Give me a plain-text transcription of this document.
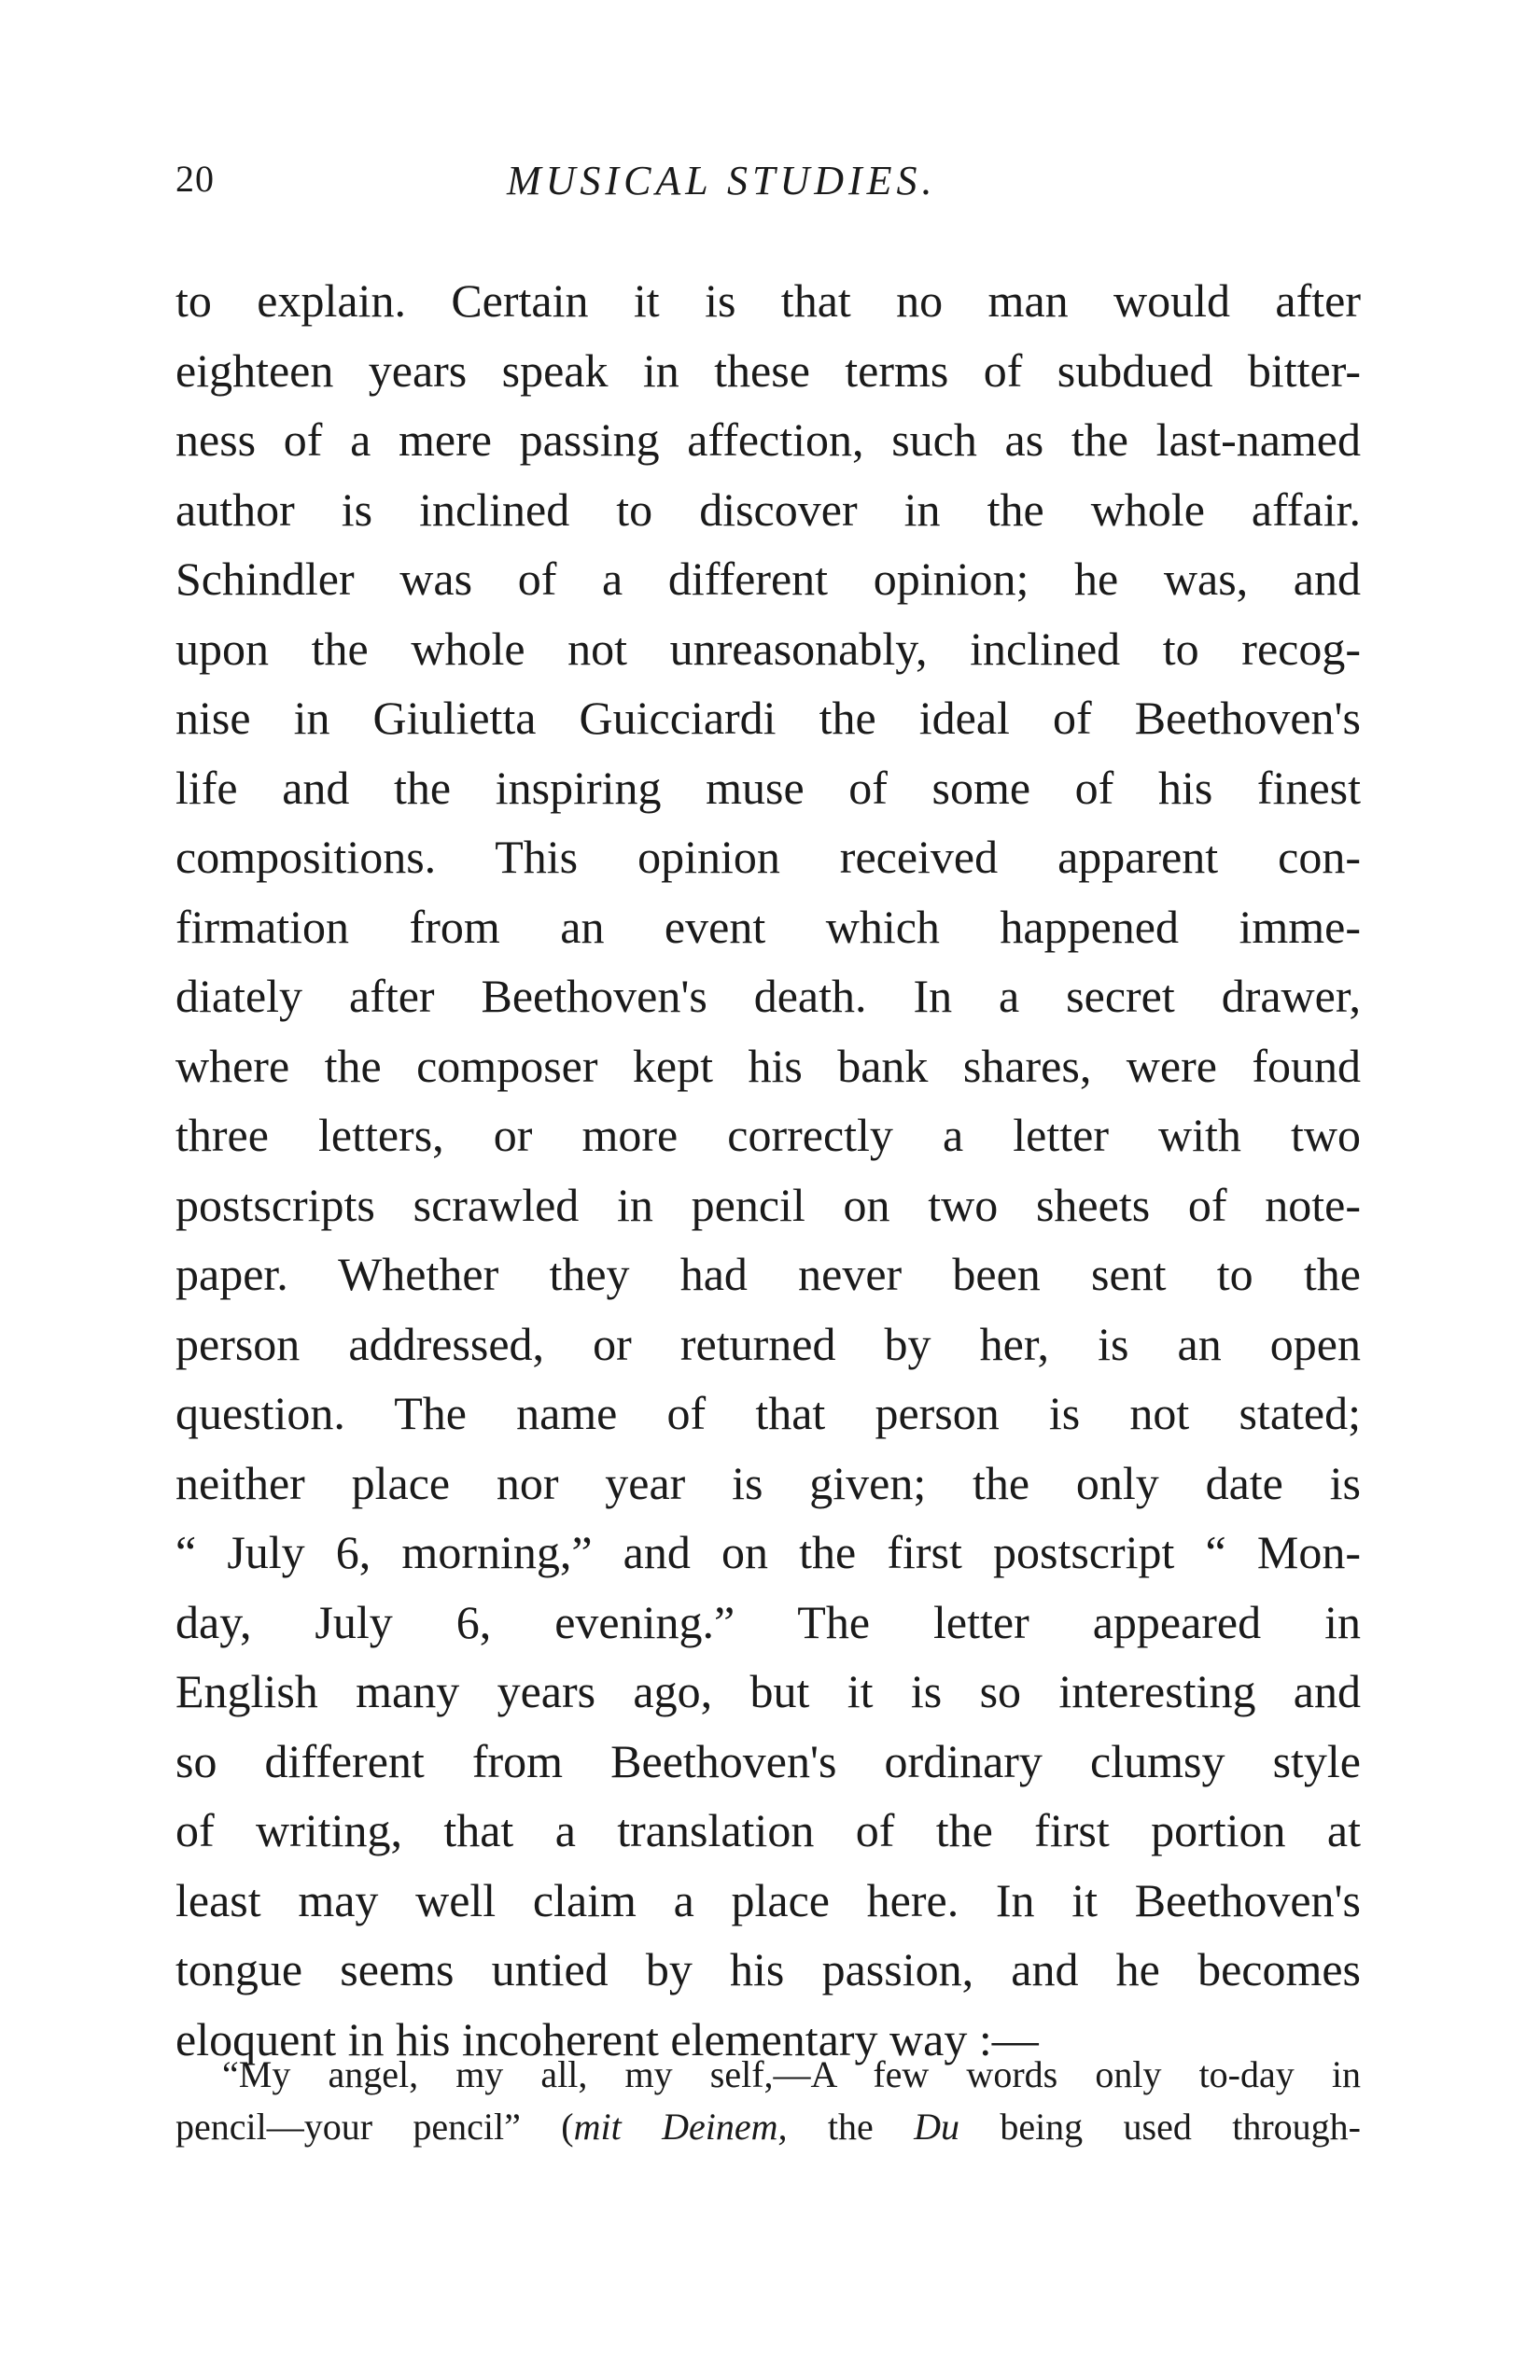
20	MUSICAL STUDIES.
to explain. Certain it is that no man would after
eighteen years speak in these terms of subdued bitter-
ness of a mere passing affection, such as the last-named
author is inclined to discover in the whole affair.
Schindler was of a different opinion; he was, and
upon the whole not unreasonably, inclined to recog-
nise in Giulietta Guicciardi the ideal of Beethoven's
life and the inspiring muse of some of his finest
compositions. This opinion received apparent con-
firmation from an event which happened imme-
diately after Beethoven's death. In a secret drawer,
where the composer kept his bank shares, were found
three letters, or more correctly a letter with two
postscripts scrawled in pencil on two sheets of note-
paper. Whether they had never been sent to the
person addressed, or returned by her, is an open
question. The name of that person is not stated;
neither place nor year is given; the only date is
“ July 6, morning,” and on the first postscript “ Mon-
day, July 6, evening.” The letter appeared in
English many years ago, but it is so interesting and
so different from Beethoven's ordinary clumsy style
of writing, that a translation of the first portion at
least may well claim a place here. In it Beethoven's
tongue seems untied by his passion, and he becomes
eloquent in his incoherent elementary way :—
“My angel, my all, my self,—A few words only to-day in
pencil—your pencil” (mit Deinem, the Du being used through-
